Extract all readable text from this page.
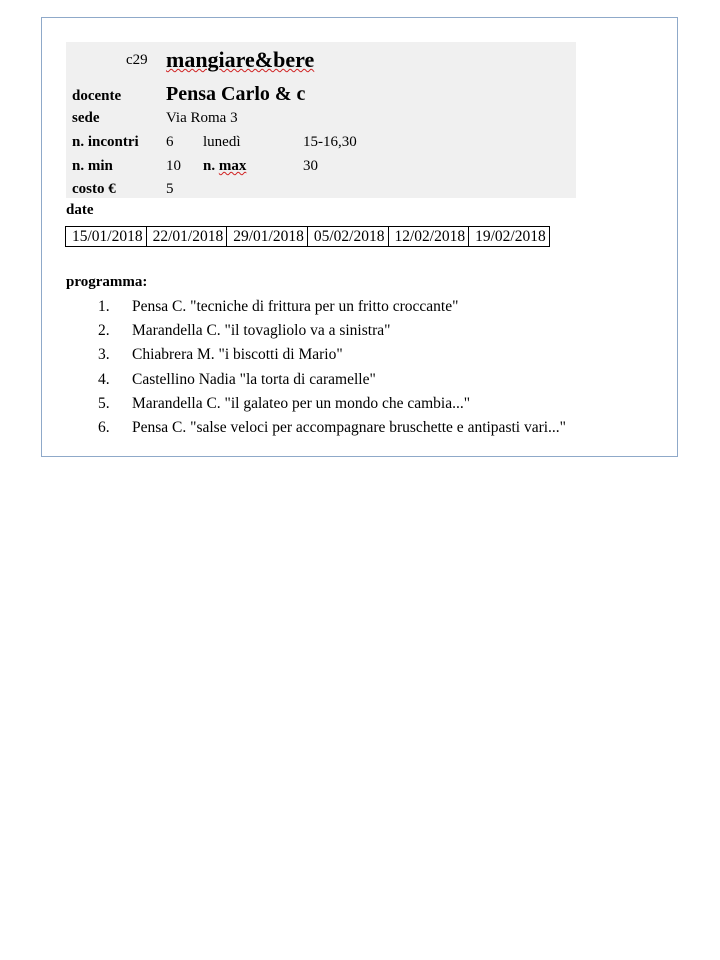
c29 mangiare&bere
docente Pensa Carlo & c
sede	Via Roma 3
n. incontri 6 lunedì	15-16,30
n. min	10 n. max	30
costo €	5
date
15/01/2018	22/01/2018	29/01/2018	05/02/2018	12/02/2018	19/02/2018
programma:
1. Pensa C. "tecniche di frittura per un fritto croccante"
2. Marandella C. "il tovagliolo va a sinistra"
3. Chiabrera M. "i biscotti di Mario"
4. Castellino Nadia "la torta di caramelle"
5. Marandella C. "il galateo per un mondo che cambia..."
6. Pensa C. "salse veloci per accompagnare bruschette e antipasti vari..."
